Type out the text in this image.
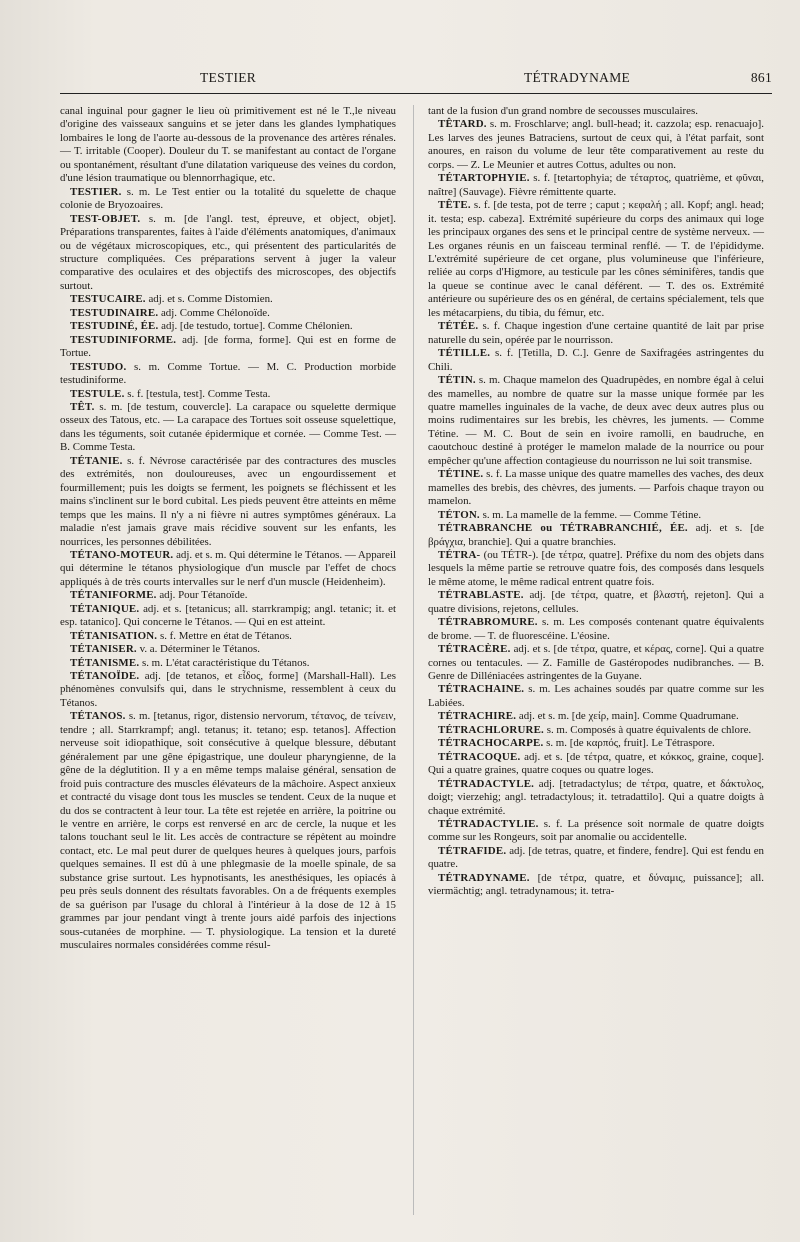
TESTIER	TÉTRADYNAME	861

canal inguinal pour gagner le lieu où primitivement est né le T.,le niveau d'origine des vaisseaux sanguins et se jeter dans les glandes lymphatiques lombaires le long de l'aorte au-dessous de la provenance des artères rénales. — T. irritable (Cooper). Douleur du T. se manifestant au contact de l'organe ou spontanément, résultant d'une dilatation variqueuse des veines du cordon, d'une lésion traumatique ou blennorrhagique, etc.

TESTIER. s. m. Le Test entier ou la totalité du squelette de chaque colonie de Bryozoaires.

TEST-OBJET. s. m. [de l'angl. test, épreuve, et object, objet]. Préparations transparentes, faites à l'aide d'éléments anatomiques, d'animaux ou de végétaux microscopiques, etc., qui présentent des particularités de structure compliquées. Ces préparations servent à juger la valeur comparative des oculaires et des objectifs des microscopes, des objectifs surtout.

TESTUCAIRE. adj. et s. Comme Distomien.

TESTUDINAIRE. adj. Comme Chélonoïde.

TESTUDINÉ, ÉE. adj. [de testudo, tortue]. Comme Chélonien.

TESTUDINIFORME. adj. [de forma, forme]. Qui est en forme de Tortue.

TESTUDO. s. m. Comme Tortue. — M. C. Production morbide testudiniforme.

TESTULE. s. f. [testula, test]. Comme Testa.

TÊT. s. m. [de testum, couvercle]. La carapace ou squelette dermique osseux des Tatous, etc. — La carapace des Tortues soit osseuse squelettique, dans les téguments, soit cutanée épidermique et cornée. — Comme Test. — B. Comme Testa.

TÉTANIE. s. f. Névrose caractérisée par des contractures des muscles des extrémités, non douloureuses, avec un engourdissement et fourmillement; puis les doigts se ferment, les poignets se fléchissent et les mains s'inclinent sur le bord cubital. Les pieds peuvent être atteints en même temps que les mains. Il n'y a ni fièvre ni autres symptômes généraux. La maladie n'est jamais grave mais récidive souvent sur les enfants, les nourrices, les personnes débilitées.

TÉTANO-MOTEUR. adj. et s. m. Qui détermine le Tétanos. — Appareil qui détermine le tétanos physiologique d'un muscle par l'effet de chocs appliqués à de très courts intervalles sur le nerf d'un muscle (Heidenheim).

TÉTANIFORME. adj. Pour Tétanoïde.

TÉTANIQUE. adj. et s. [tetanicus; all. starrkrampig; angl. tetanic; it. et esp. tatanico]. Qui concerne le Tétanos. — Qui en est atteint.

TÉTANISATION. s. f. Mettre en état de Tétanos.

TÉTANISER. v. a. Déterminer le Tétanos.

TÉTANISME. s. m. L'état caractéristique du Tétanos.

TÉTANOÏDE. adj. [de tetanos, et εἶδος, forme] (Marshall-Hall). Les phénomènes convulsifs qui, dans le strychnisme, ressemblent à ceux du Tétanos.

TÉTANOS. s. m. [tetanus, rigor, distensio nervorum, τέτανος, de τείνειν, tendre ; all. Starrkrampf; angl. tetanus; it. tetano; esp. tetanos]. Affection nerveuse soit idiopathique, soit consécutive à quelque blessure, débutant généralement par une gêne épigastrique, une douleur pharyngienne, de la gêne de la déglutition. Il y a en même temps malaise général, sensation de froid puis contracture des muscles élévateurs de la mâchoire. Aspect anxieux et contracté du visage dont tous les muscles se tendent. Ceux de la nuque et du dos se contractent à leur tour. La tête est rejetée en arrière, la poitrine ou le ventre en arrière, le corps est renversé en arc de cercle, la nuque et les talons touchant seul le lit. Les accès de contracture se répètent au moindre contact, etc. Le mal peut durer de quelques heures à quelques jours, parfois quelques semaines. Il est dû à une phlegmasie de la moelle spinale, de sa substance grise surtout. Les hypnotisants, les anesthésiques, les opiacés à peu près seuls donnent des résultats favorables. On a de fréquents exemples de sa guérison par l'usage du chloral à l'intérieur à la dose de 12 à 15 grammes par jour pendant vingt à trente jours aidé parfois des injections sous-cutanées de morphine. — T. physiologique. La tension et la dureté musculaires normales considérées comme résul-

tant de la fusion d'un grand nombre de secousses musculaires.

TÊTARD. s. m. Froschlarve; angl. bull-head; it. cazzola; esp. renacuajo]. Les larves des jeunes Batraciens, surtout de ceux qui, à l'état parfait, sont anoures, en raison du volume de leur tête comparativement au reste du corps. — Z. Le Meunier et autres Cottus, adultes ou non.

TÉTARTOPHYIE. s. f. [tetartophyia; de τέταρτος, quatrième, et φῦναι, naître] (Sauvage). Fièvre rémittente quarte.

TÊTE. s. f. [de testa, pot de terre ; caput ; κεφαλή ; all. Kopf; angl. head; it. testa; esp. cabeza]. Extrémité supérieure du corps des animaux qui loge les principaux organes des sens et le principal centre de système nerveux. — Les organes réunis en un faisceau terminal renflé. — T. de l'épididyme. L'extrémité supérieure de cet organe, plus volumineuse que l'inférieure, reliée au corps d'Higmore, au testicule par les cônes séminifères, tandis que la queue se continue avec le canal déférent. — T. des os. Extrémité antérieure ou supérieure des os en général, de certains spécialement, tels que les métacarpiens, du tibia, du fémur, etc.

TÉTÉE. s. f. Chaque ingestion d'une certaine quantité de lait par prise naturelle du sein, opérée par le nourrisson.

TÉTILLE. s. f. [Tetilla, D. C.]. Genre de Saxifragées astringentes du Chili.

TÉTIN. s. m. Chaque mamelon des Quadrupèdes, en nombre égal à celui des mamelles, au nombre de quatre sur la masse unique formée par les quatre mamelles inguinales de la vache, de deux avec deux autres plus ou moins rudimentaires sur les brebis, les chèvres, les juments. — Comme Tétine. — M. C. Bout de sein en ivoire ramolli, en baudruche, en caoutchouc destiné à protéger le mamelon malade de la nourrice ou pour empêcher qu'une affection contagieuse du nourrisson ne lui soit transmise.

TÉTINE. s. f. La masse unique des quatre mamelles des vaches, des deux mamelles des brebis, des chèvres, des juments. — Parfois chaque trayon ou mamelon.

TÉTON. s. m. La mamelle de la femme. — Comme Tétine.

TÉTRABRANCHE ou TÉTRABRANCHIÉ, ÉE. adj. et s. [de βράγχια, branchie]. Qui a quatre branchies.

TÉTRA- (ou TÉTR-). [de τέτρα, quatre]. Préfixe du nom des objets dans lesquels la même partie se retrouve quatre fois, des composés dans lesquels le même atome, le même radical entrent quatre fois.

TÉTRABLASTE. adj. [de τέτρα, quatre, et βλαστή, rejeton]. Qui a quatre divisions, rejetons, cellules.

TÉTRABROMURE. s. m. Les composés contenant quatre équivalents de brome. — T. de fluorescéine. L'éosine.

TÉTRACÈRE. adj. et s. [de τέτρα, quatre, et κέρας, corne]. Qui a quatre cornes ou tentacules. — Z. Famille de Gastéropodes nudibranches. — B. Genre de Dilléniacées astringentes de la Guyane.

TÉTRACHAINE. s. m. Les achaines soudés par quatre comme sur les Labiées.

TÉTRACHIRE. adj. et s. m. [de χείρ, main]. Comme Quadrumane.

TÉTRACHLORURE. s. m. Composés à quatre équivalents de chlore.

TÉTRACHOCARPE. s. m. [de καρπός, fruit]. Le Tétraspore.

TÉTRACOQUE. adj. et s. [de τέτρα, quatre, et κόκκος, graine, coque]. Qui a quatre graines, quatre coques ou quatre loges.

TÉTRADACTYLE. adj. [tetradactylus; de τέτρα, quatre, et δάκτυλος, doigt; vierzehig; angl. tetradactylous; it. tetradattilo]. Qui a quatre doigts à chaque extrémité.

TÉTRADACTYLIE. s. f. La présence soit normale de quatre doigts comme sur les Rongeurs, soit par anomalie ou accidentelle.

TÉTRAFIDE. adj. [de tetras, quatre, et findere, fendre]. Qui est fendu en quatre.

TÉTRADYNAME. [de τέτρα, quatre, et δύναμις, puissance]; all. viermächtig; angl. tetradynamous; it. tetra-
